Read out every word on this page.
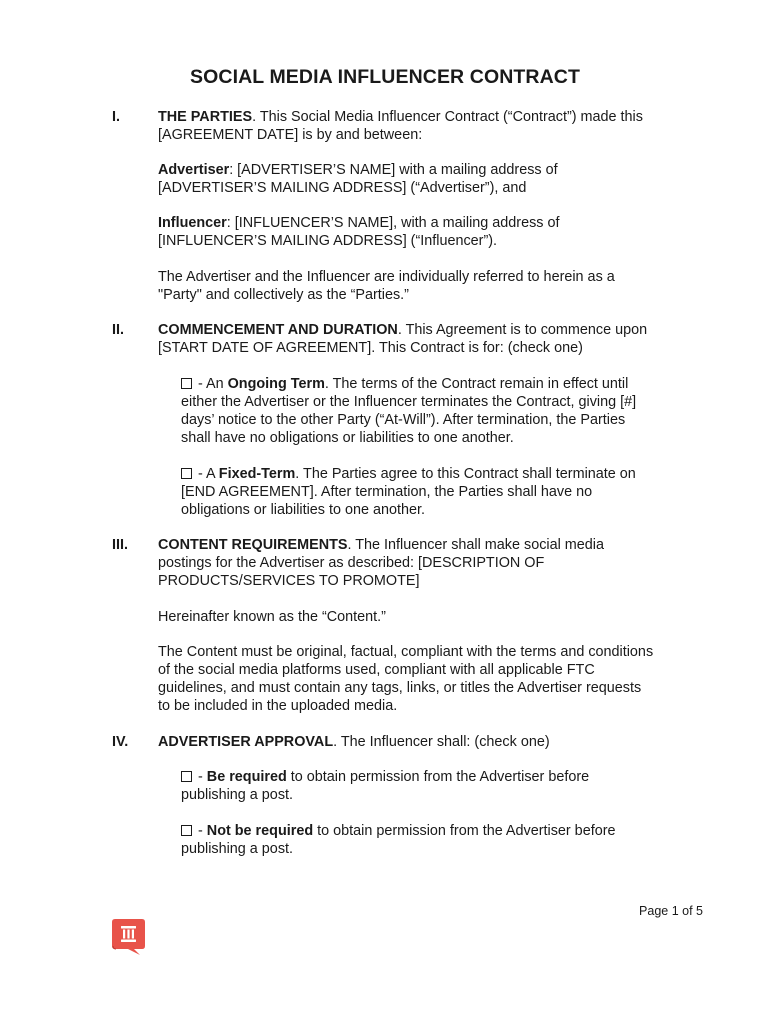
SOCIAL MEDIA INFLUENCER CONTRACT
I.	THE PARTIES. This Social Media Influencer Contract (“Contract”) made this
[AGREEMENT DATE] is by and between:
Advertiser: [ADVERTISER’S NAME] with a mailing address of
[ADVERTISER’S MAILING ADDRESS] (“Advertiser”), and
Influencer: [INFLUENCER’S NAME], with a mailing address of
[INFLUENCER’S MAILING ADDRESS] (“Influencer”).
The Advertiser and the Influencer are individually referred to herein as a
"Party" and collectively as the “Parties.”
II. COMMENCEMENT AND DURATION. This Agreement is to commence upon
[START DATE OF AGREEMENT]. This Contract is for: (check one)
- An Ongoing Term. The terms of the Contract remain in effect until
either the Advertiser or the Influencer terminates the Contract, giving [#]
days’ notice to the other Party (“At-Will”). After termination, the Parties
shall have no obligations or liabilities to one another.
- A Fixed-Term. The Parties agree to this Contract shall terminate on
[END AGREEMENT]. After termination, the Parties shall have no
obligations or liabilities to one another.
III. CONTENT REQUIREMENTS. The Influencer shall make social media
postings for the Advertiser as described: [DESCRIPTION OF
PRODUCTS/SERVICES TO PROMOTE]
Hereinafter known as the “Content.”
The Content must be original, factual, compliant with the terms and conditions
of the social media platforms used, compliant with all applicable FTC
guidelines, and must contain any tags, links, or titles the Advertiser requests
to be included in the uploaded media.
IV. ADVERTISER APPROVAL. The Influencer shall: (check one)
- Be required to obtain permission from the Advertiser before
publishing a post.
- Not be required to obtain permission from the Advertiser before
publishing a post.
Page 1 of 5
